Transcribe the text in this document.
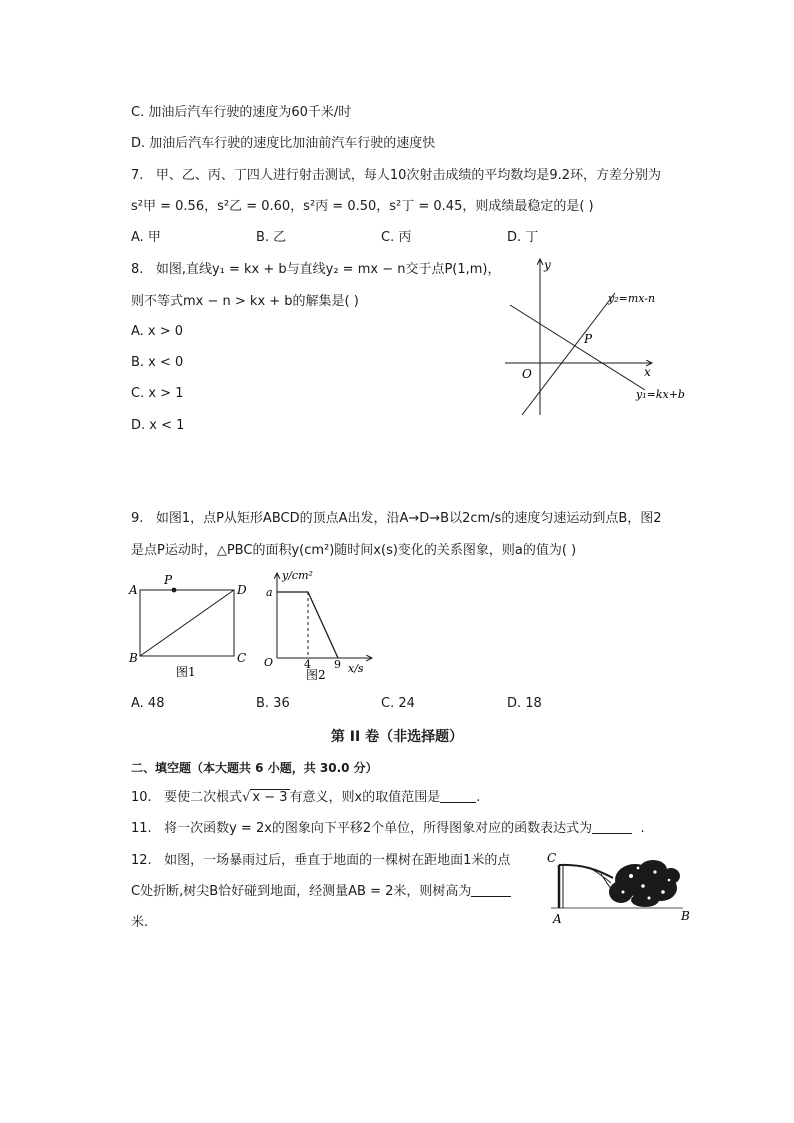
C. 加油后汽车行驶的速度为60千米/时
D. 加油后汽车行驶的速度比加油前汽车行驶的速度快
7. 甲、乙、丙、丁四人进行射击测试，每人10次射击成绩的平均数均是9.2环，方差分别为
s²甲 = 0.56，s²乙 = 0.60，s²丙 = 0.50，s²丁 = 0.45，则成绩最稳定的是( )
A. 甲	B. 乙	C. 丙	D. 丁
8. 如图,直线y₁ = kx + b与直线y₂ = mx − n交于点P(1,m)，
则不等式mx − n > kx + b的解集是( )
A. x > 0
B. x < 0
C. x > 1
D. x < 1
y
x
O
P
y₂=mx-n
y₁=kx+b
9. 如图1，点P从矩形ABCD的顶点A出发，沿A→D→B以2cm/s的速度匀速运动到点B，图2
是点P运动时，△PBC的面积y(cm²)随时间x(s)变化的关系图象，则a的值为( )
A
P
D
B	C
图1
y/cm²
a
O	4 9 x/s
图2
A. 48	B. 36	C. 24	D. 18
第 II 卷（非选择题）
二、填空题（本大题共 6 小题，共 30.0 分）
10. 要使二次根式√ x − 3 有意义，则x的取值范围是	.
11. 将一次函数y = 2x的图象向下平移2个单位，所得图象对应的函数表达式为	.
12. 如图，一场暴雨过后，垂直于地面的一棵树在距地面1米的点
C处折断,树尖B恰好碰到地面，经测量AB = 2米，则树高为
米.
C
A	B
